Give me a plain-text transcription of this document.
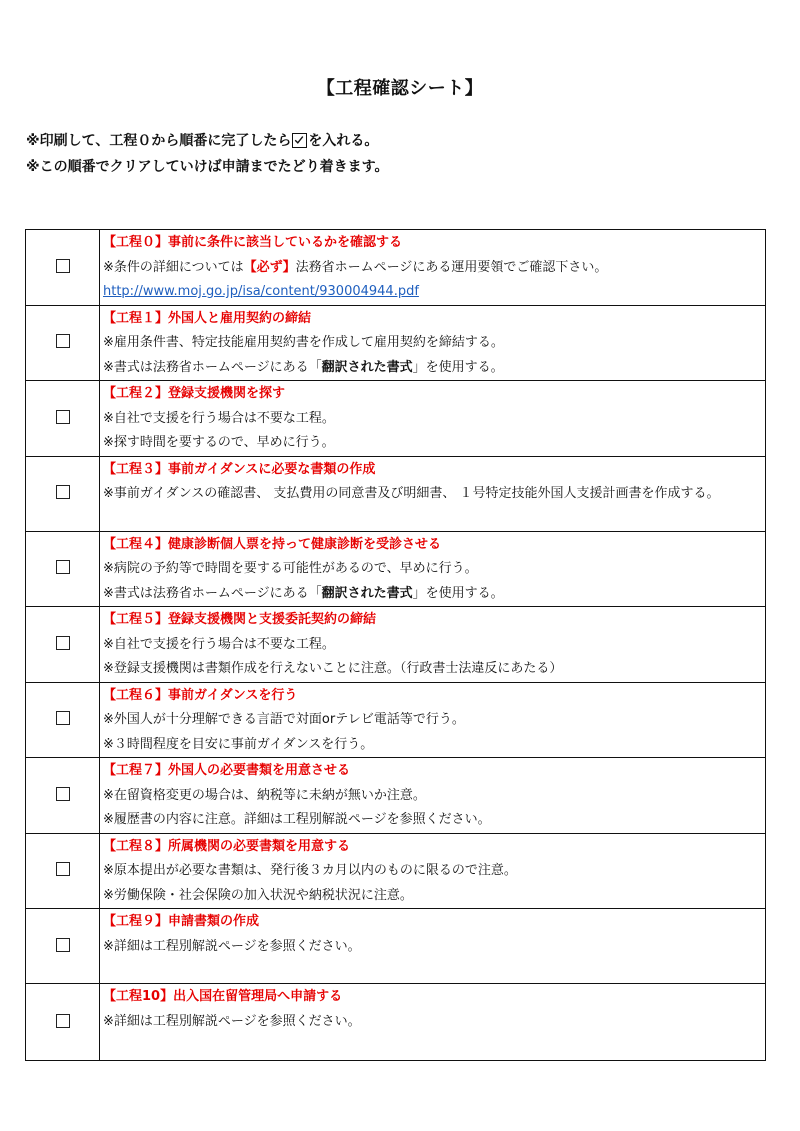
【工程確認シート】
※印刷して、工程０から順番に完了したら を入れる。
※この順番でクリアしていけば申請までたどり着きます。

	【工程０】事前に条件に該当しているかを確認する
※条件の詳細については【必ず】法務省ホームページにある運用要領でご確認下さい。
http://www.moj.go.jp/isa/content/930004944.pdf

	【工程１】外国人と雇用契約の締結
※雇用条件書、特定技能雇用契約書を作成して雇用契約を締結する。
※書式は法務省ホームページにある「翻訳された書式」を使用する。

	【工程２】登録支援機関を探す
※自社で支援を行う場合は不要な工程。
※探す時間を要するので、早めに行う。

	【工程３】事前ガイダンスに必要な書類の作成
※事前ガイダンスの確認書、 支払費用の同意書及び明細書、 １号特定技能外国人支援計画書を作成する。

	【工程４】健康診断個人票を持って健康診断を受診させる
※病院の予約等で時間を要する可能性があるので、早めに行う。
※書式は法務省ホームページにある「翻訳された書式」を使用する。

	【工程５】登録支援機関と支援委託契約の締結
※自社で支援を行う場合は不要な工程。
※登録支援機関は書類作成を行えないことに注意。（行政書士法違反にあたる）

	【工程６】事前ガイダンスを行う
※外国人が十分理解できる言語で対面orテレビ電話等で行う。
※３時間程度を目安に事前ガイダンスを行う。

	【工程７】外国人の必要書類を用意させる
※在留資格変更の場合は、納税等に未納が無いか注意。
※履歴書の内容に注意。詳細は工程別解説ページを参照ください。

	【工程８】所属機関の必要書類を用意する
※原本提出が必要な書類は、発行後３カ月以内のものに限るので注意。
※労働保険・社会保険の加入状況や納税状況に注意。

	【工程９】申請書類の作成
※詳細は工程別解説ページを参照ください。

	【工程10】出入国在留管理局へ申請する
※詳細は工程別解説ページを参照ください。
